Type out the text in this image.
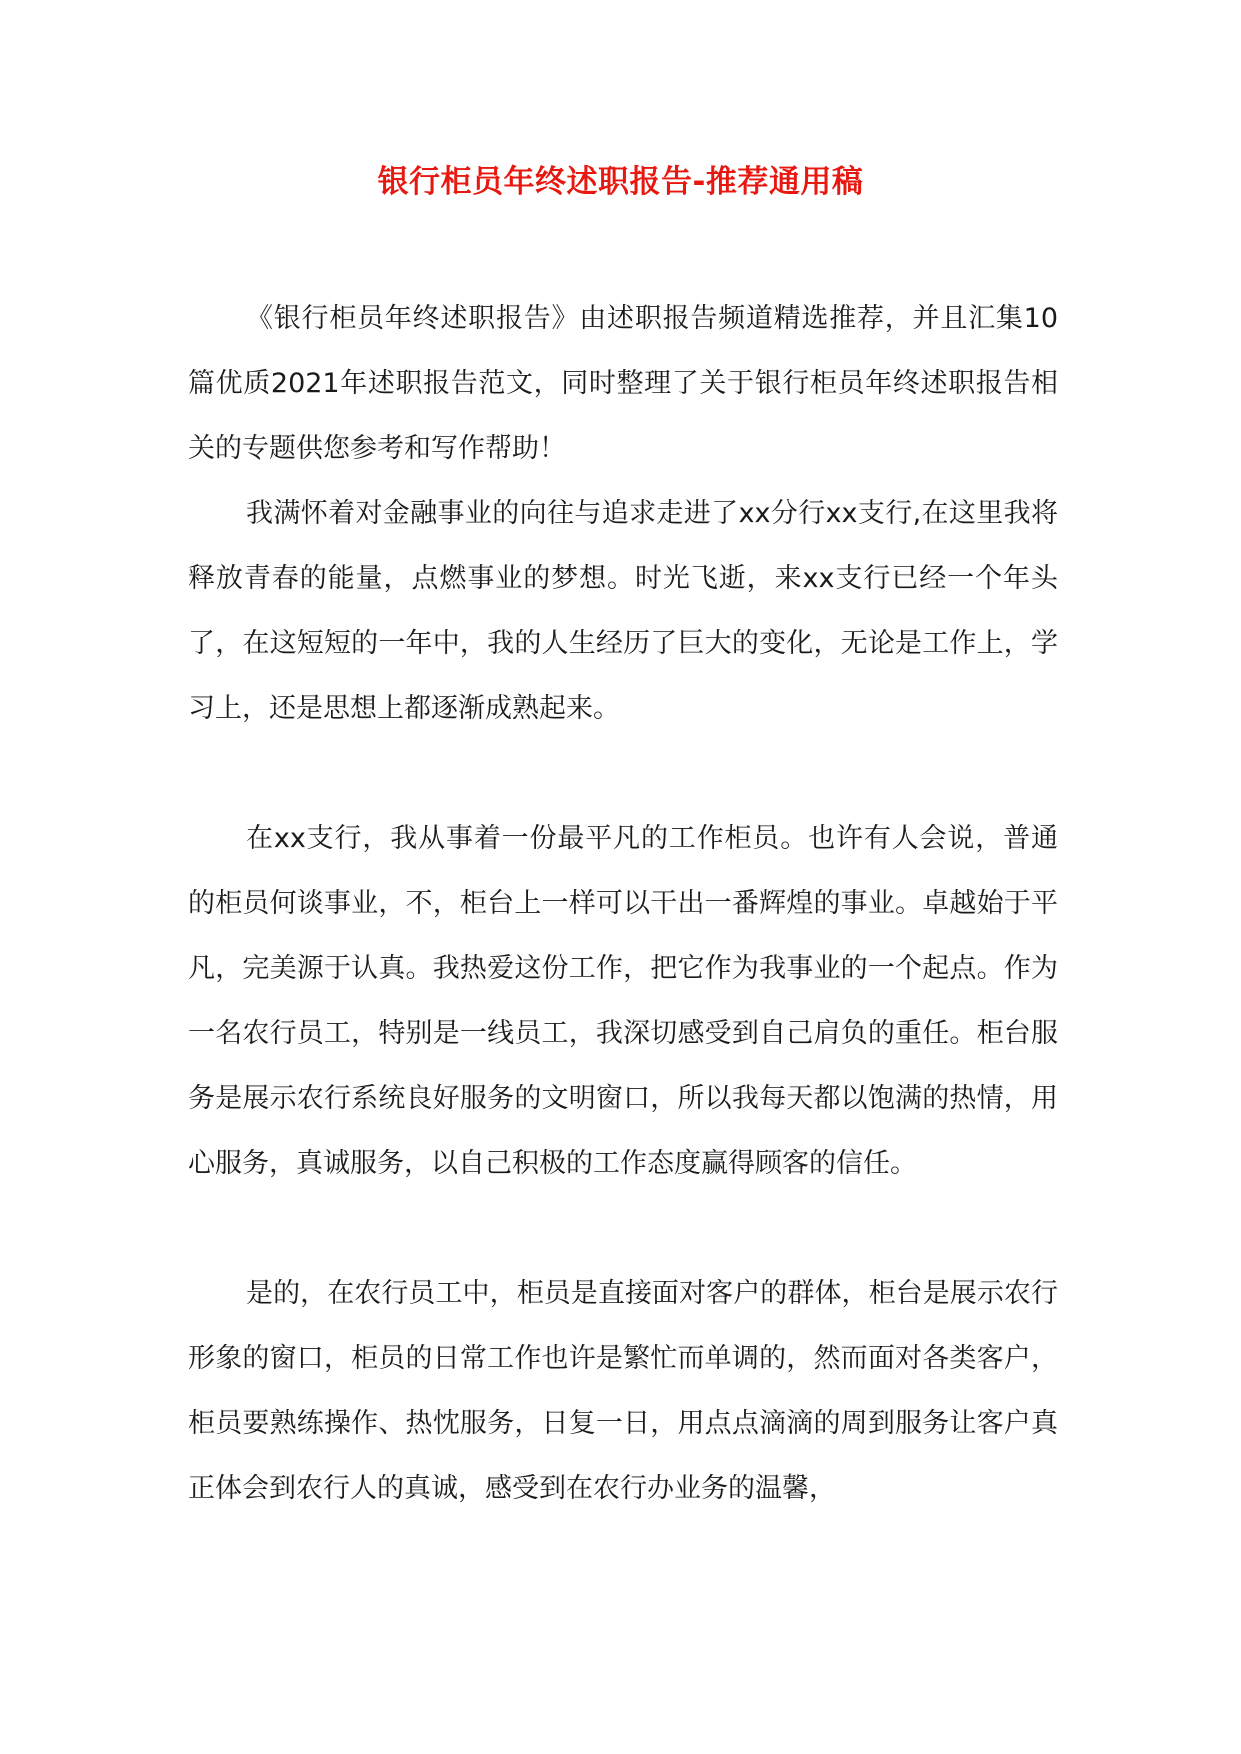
银行柜员年终述职报告-推荐通用稿

《银行柜员年终述职报告》由述职报告频道精选推荐，并且汇集10篇优质2021年述职报告范文，同时整理了关于银行柜员年终述职报告相关的专题供您参考和写作帮助！

我满怀着对金融事业的向往与追求走进了xx分行xx支行,在这里我将释放青春的能量，点燃事业的梦想。时光飞逝，来xx支行已经一个年头了，在这短短的一年中，我的人生经历了巨大的变化，无论是工作上，学习上，还是思想上都逐渐成熟起来。

在xx支行，我从事着一份最平凡的工作柜员。也许有人会说，普通的柜员何谈事业，不，柜台上一样可以干出一番辉煌的事业。卓越始于平凡，完美源于认真。我热爱这份工作，把它作为我事业的一个起点。作为一名农行员工，特别是一线员工，我深切感受到自己肩负的重任。柜台服务是展示农行系统良好服务的文明窗口，所以我每天都以饱满的热情，用心服务，真诚服务，以自己积极的工作态度赢得顾客的信任。

是的，在农行员工中，柜员是直接面对客户的群体，柜台是展示农行形象的窗口，柜员的日常工作也许是繁忙而单调的，然而面对各类客户，柜员要熟练操作、热忱服务，日复一日，用点点滴滴的周到服务让客户真正体会到农行人的真诚，感受到在农行办业务的温馨，
